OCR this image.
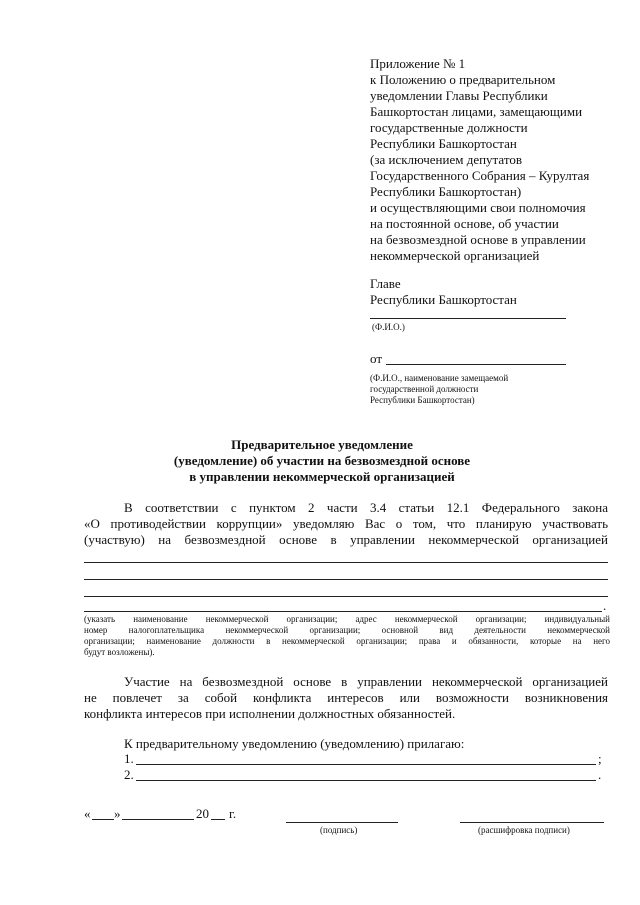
Приложение № 1
к Положению о предварительном
уведомлении Главы Республики
Башкортостан лицами, замещающими
государственные должности
Республики Башкортостан
(за исключением депутатов
Государственного Собрания – Курултая
Республики Башкортостан)
и осуществляющими свои полномочия
на постоянной основе, об участии
на безвозмездной основе в управлении
некоммерческой организацией
Главе
Республики Башкортостан
(Ф.И.О.)
от
(Ф.И.О., наименование замещаемой
государственной должности
Республики Башкортостан)
Предварительное уведомление
(уведомление) об участии на безвозмездной основе
в управлении некоммерческой организацией
В соответствии с пунктом 2 части 3.4 статьи 12.1 Федерального закона
«О противодействии коррупции» уведомляю Вас о том, что планирую участвовать
(участвую) на безвозмездной основе в управлении некоммерческой организацией
.
(указать наименование некоммерческой организации; адрес некоммерческой организации; индивидуальный
номер налогоплательщика некоммерческой организации; основной вид деятельности некоммерческой
организации; наименование должности в некоммерческой организации; права и обязанности, которые на него
будут возложены).
Участие на безвозмездной основе в управлении некоммерческой организацией
не повлечет за собой конфликта интересов или возможности возникновения
конфликта интересов при исполнении должностных обязанностей.
К предварительному уведомлению (уведомлению) прилагаю:
1.	;
2.	.
« »	20 г.
(подпись)	(расшифровка подписи)
